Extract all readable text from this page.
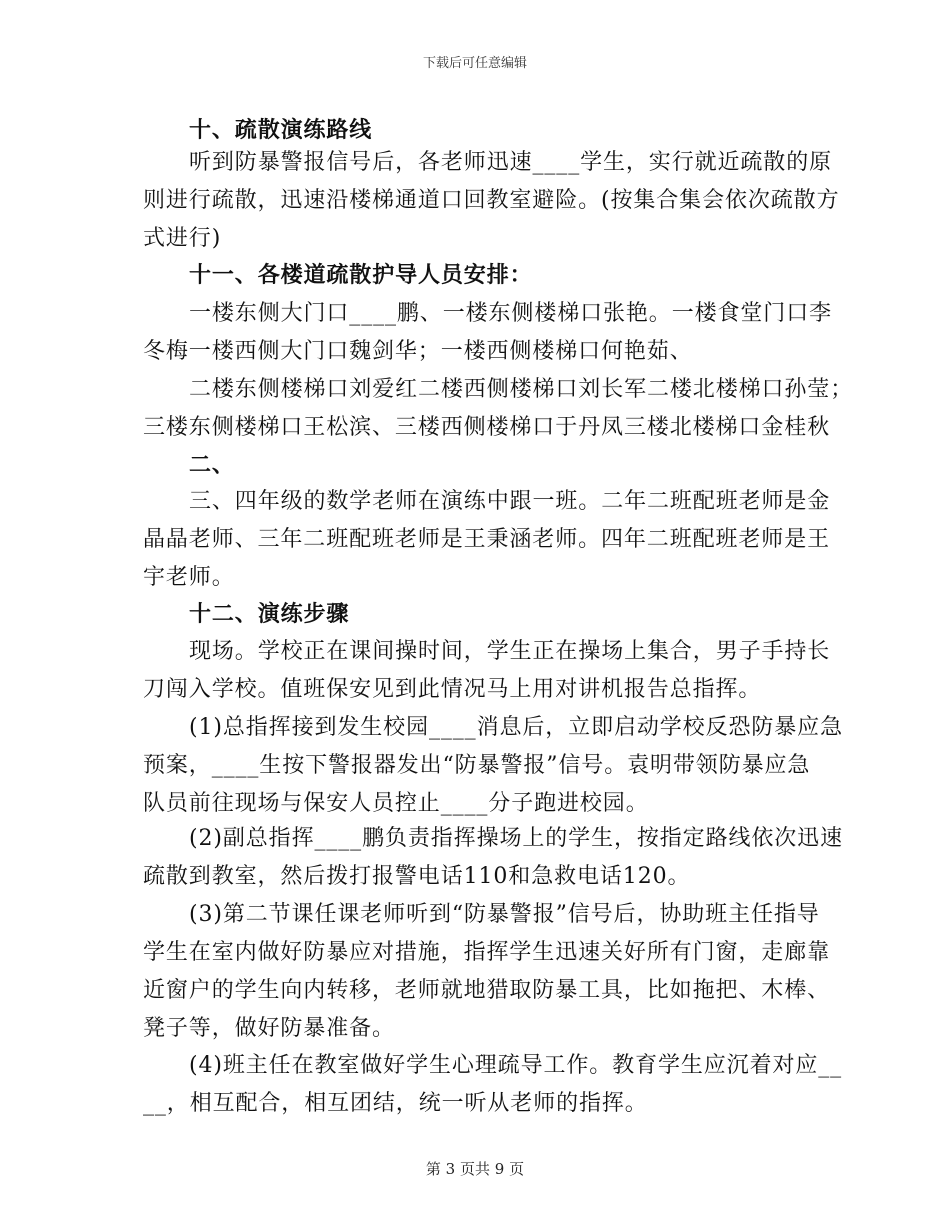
下载后可任意编辑
十、疏散演练路线
听到防暴警报信号后，各老师迅速____学生，实行就近疏散的原
则进行疏散，迅速沿楼梯通道口回教室避险。(按集合集会依次疏散方
式进行)
十一、各楼道疏散护导人员安排：
一楼东侧大门口____鹏、一楼东侧楼梯口张艳。一楼食堂门口李
冬梅一楼西侧大门口魏剑华；一楼西侧楼梯口何艳茹、
二楼东侧楼梯口刘爱红二楼西侧楼梯口刘长军二楼北楼梯口孙莹；
三楼东侧楼梯口王松滨、三楼西侧楼梯口于丹凤三楼北楼梯口金桂秋
二、
三、四年级的数学老师在演练中跟一班。二年二班配班老师是金
晶晶老师、三年二班配班老师是王秉涵老师。四年二班配班老师是王
宇老师。
十二、演练步骤
现场。学校正在课间操时间，学生正在操场上集合，男子手持长
刀闯入学校。值班保安见到此情况马上用对讲机报告总指挥。
(1)总指挥接到发生校园____消息后，立即启动学校反恐防暴应急
预案，____生按下警报器发出“防暴警报”信号。袁明带领防暴应急
队员前往现场与保安人员控止____分子跑进校园。
(2)副总指挥____鹏负责指挥操场上的学生，按指定路线依次迅速
疏散到教室，然后拨打报警电话110和急救电话120。
(3)第二节课任课老师听到“防暴警报”信号后，协助班主任指导
学生在室内做好防暴应对措施，指挥学生迅速关好所有门窗，走廊靠
近窗户的学生向内转移，老师就地猎取防暴工具，比如拖把、木棒、
凳子等，做好防暴准备。
(4)班主任在教室做好学生心理疏导工作。教育学生应沉着对应__
__，相互配合，相互团结，统一听从老师的指挥。
第 3 页共 9 页
